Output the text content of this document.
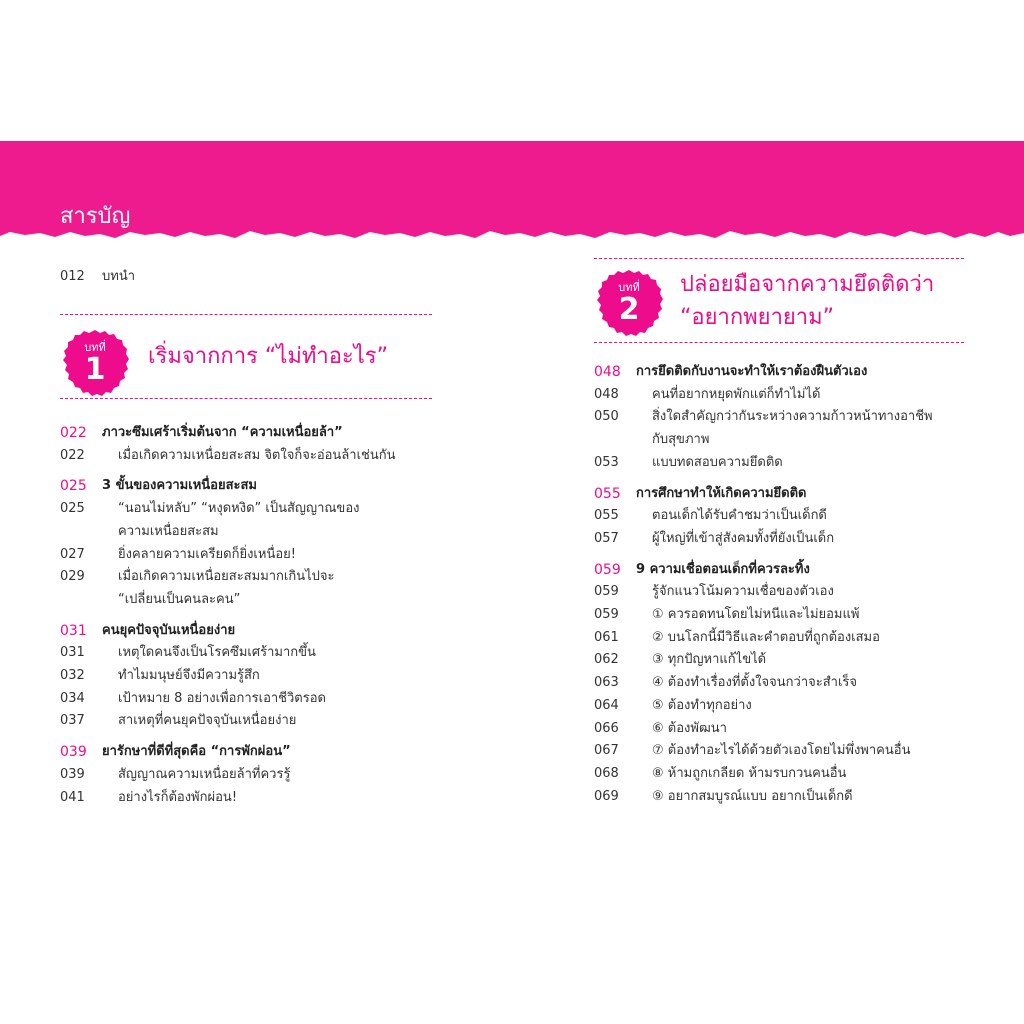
สารบัญ
012 บทนำ
บทที่
1	เริ่มจากการ “ไม่ทำอะไร”
022 ภาวะซึมเศร้าเริ่มต้นจาก “ความเหนื่อยล้า”
022	เมื่อเกิดความเหนื่อยสะสม จิตใจก็จะอ่อนล้าเช่นกัน
025 3 ขั้นของความเหนื่อยสะสม
025	“นอนไม่หลับ” “หงุดหงิด” เป็นสัญญาณของ
ความเหนื่อยสะสม
027	ยิ่งคลายความเครียดก็ยิ่งเหนื่อย!
029	เมื่อเกิดความเหนื่อยสะสมมากเกินไปจะ
“เปลี่ยนเป็นคนละคน”
031 คนยุคปัจจุบันเหนื่อยง่าย
031	เหตุใดคนจึงเป็นโรคซึมเศร้ามากขึ้น
032	ทำไมมนุษย์จึงมีความรู้สึก
034	เป้าหมาย 8 อย่างเพื่อการเอาชีวิตรอด
037	สาเหตุที่คนยุคปัจจุบันเหนื่อยง่าย
039 ยารักษาที่ดีที่สุดคือ “การพักผ่อน”
039	สัญญาณความเหนื่อยล้าที่ควรรู้
041	อย่างไรก็ต้องพักผ่อน!
บทที่
2
ปล่อยมือจากความยึดติดว่า
“อยากพยายาม”
048 การยึดติดกับงานจะทำให้เราต้องฝืนตัวเอง
048	คนที่อยากหยุดพักแต่ก็ทำไม่ได้
050	สิ่งใดสำคัญกว่ากันระหว่างความก้าวหน้าทางอาชีพ
กับสุขภาพ
053	แบบทดสอบความยึดติด
055 การศึกษาทำให้เกิดความยึดติด
055	ตอนเด็กได้รับคำชมว่าเป็นเด็กดี
057	ผู้ใหญ่ที่เข้าสู่สังคมทั้งที่ยังเป็นเด็ก
059 9 ความเชื่อตอนเด็กที่ควรละทิ้ง
059	รู้จักแนวโน้มความเชื่อของตัวเอง
059	① ควรอดทนโดยไม่หนีและไม่ยอมแพ้
061	② บนโลกนี้มีวิธีและคำตอบที่ถูกต้องเสมอ
062	③ ทุกปัญหาแก้ไขได้
063	④ ต้องทำเรื่องที่ตั้งใจจนกว่าจะสำเร็จ
064	⑤ ต้องทำทุกอย่าง
066	⑥ ต้องพัฒนา
067	⑦ ต้องทำอะไรได้ด้วยตัวเองโดยไม่พึ่งพาคนอื่น
068	⑧ ห้ามถูกเกลียด ห้ามรบกวนคนอื่น
069	⑨ อยากสมบูรณ์แบบ อยากเป็นเด็กดี
